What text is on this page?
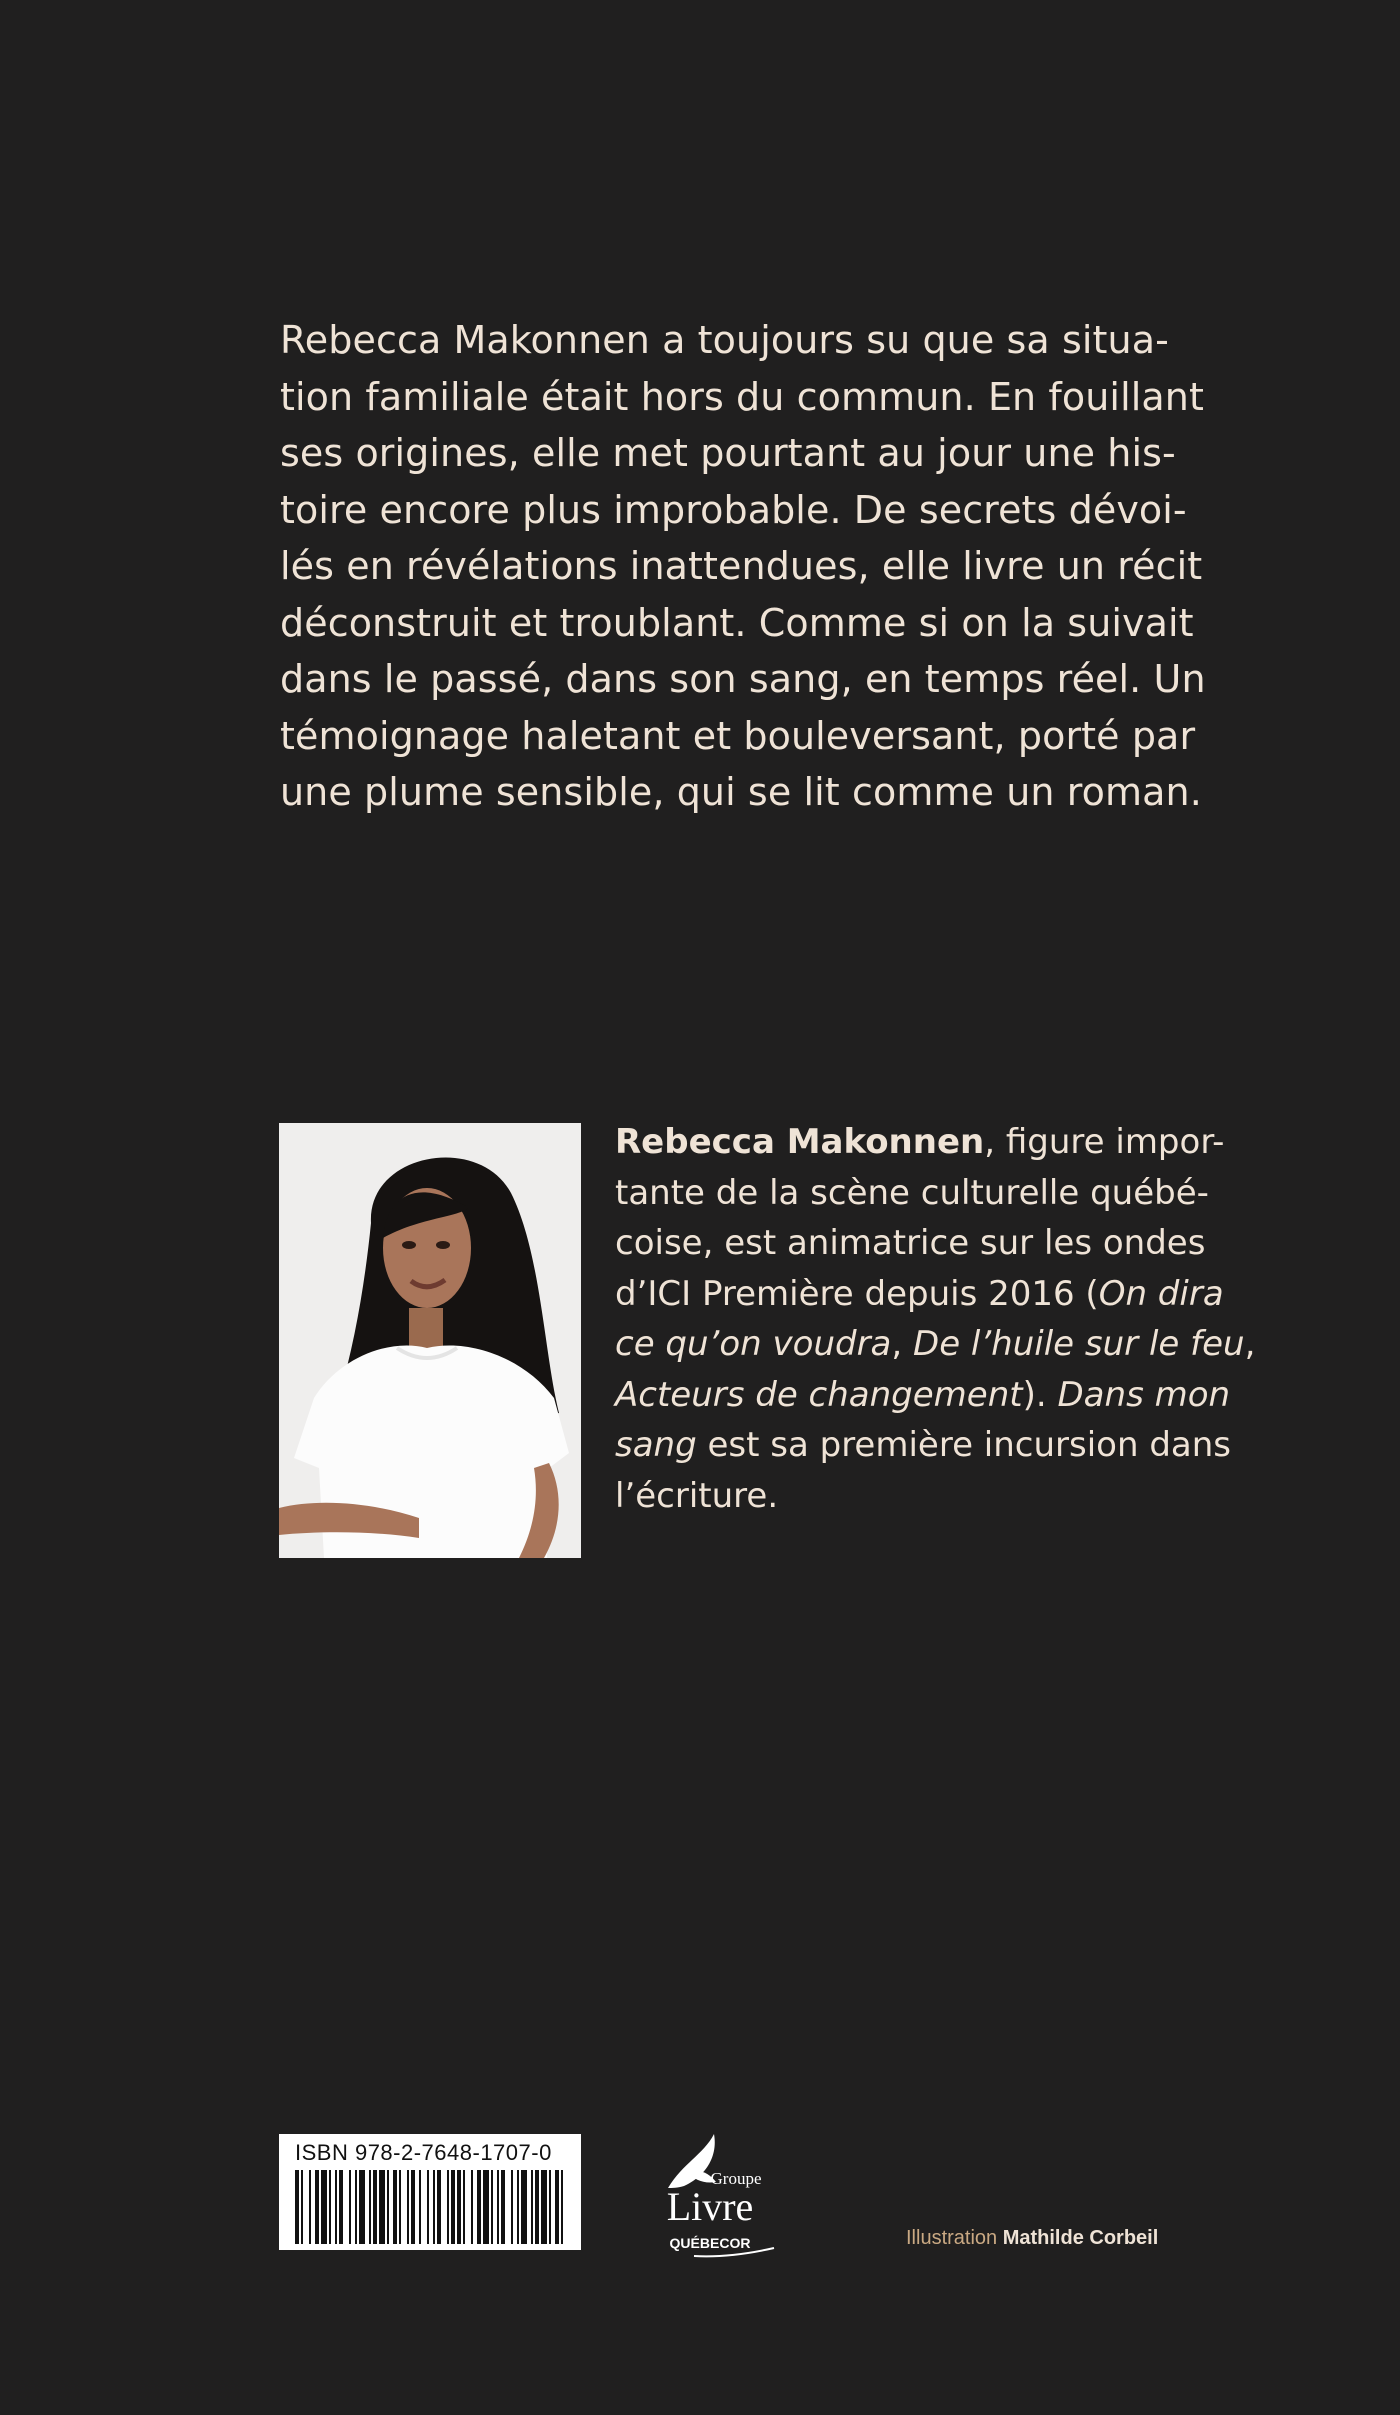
Rebecca Makonnen a toujours su que sa situa-
tion familiale était hors du commun. En fouillant
ses origines, elle met pourtant au jour une his-
toire encore plus improbable. De secrets dévoi-
lés en révélations inattendues, elle livre un récit
déconstruit et troublant. Comme si on la suivait
dans le passé, dans son sang, en temps réel. Un
témoignage haletant et bouleversant, porté par
une plume sensible, qui se lit comme un roman.
Rebecca Makonnen, figure impor-
tante de la scène culturelle québé-
coise, est animatrice sur les ondes
d’ICI Première depuis 2016 (On dira
ce qu’on voudra, De l’huile sur le feu,
Acteurs de changement). Dans mon
sang est sa première incursion dans
l’écriture.
ISBN 978-2-7648-1707-0
Groupe
Livre
QUÉBECOR	Illustration Mathilde Corbeil
